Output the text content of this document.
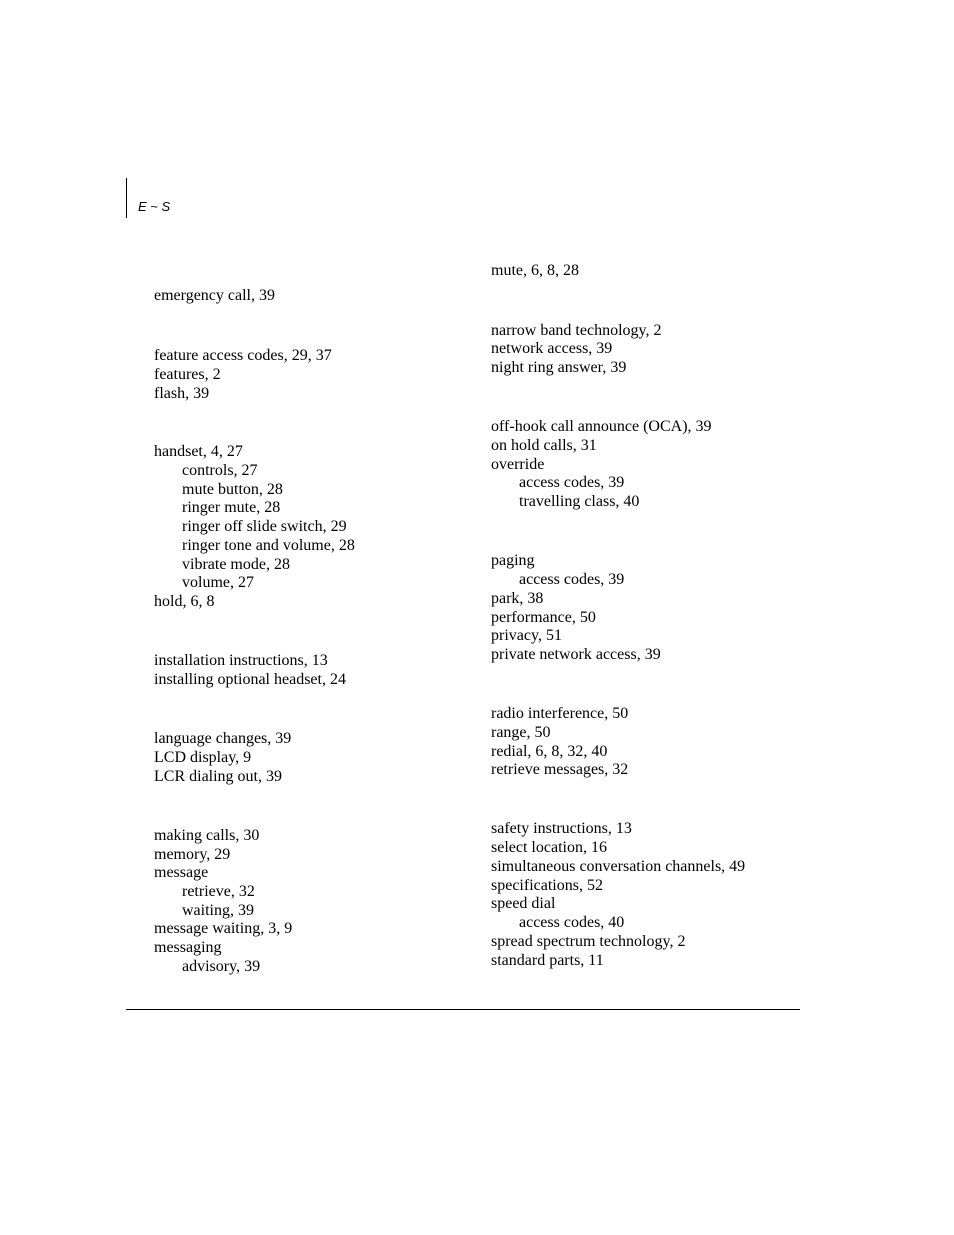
E ~ S
emergency call, 39
feature access codes, 29, 37
features, 2
flash, 39
handset, 4, 27
controls, 27
mute button, 28
ringer mute, 28
ringer off slide switch, 29
ringer tone and volume, 28
vibrate mode, 28
volume, 27
hold, 6, 8
installation instructions, 13
installing optional headset, 24
language changes, 39
LCD display, 9
LCR dialing out, 39
making calls, 30
memory, 29
message
retrieve, 32
waiting, 39
message waiting, 3, 9
messaging
advisory, 39
mute, 6, 8, 28
narrow band technology, 2
network access, 39
night ring answer, 39
off-hook call announce (OCA), 39
on hold calls, 31
override
access codes, 39
travelling class, 40
paging
access codes, 39
park, 38
performance, 50
privacy, 51
private network access, 39
radio interference, 50
range, 50
redial, 6, 8, 32, 40
retrieve messages, 32
safety instructions, 13
select location, 16
simultaneous conversation channels, 49
specifications, 52
speed dial
access codes, 40
spread spectrum technology, 2
standard parts, 11
